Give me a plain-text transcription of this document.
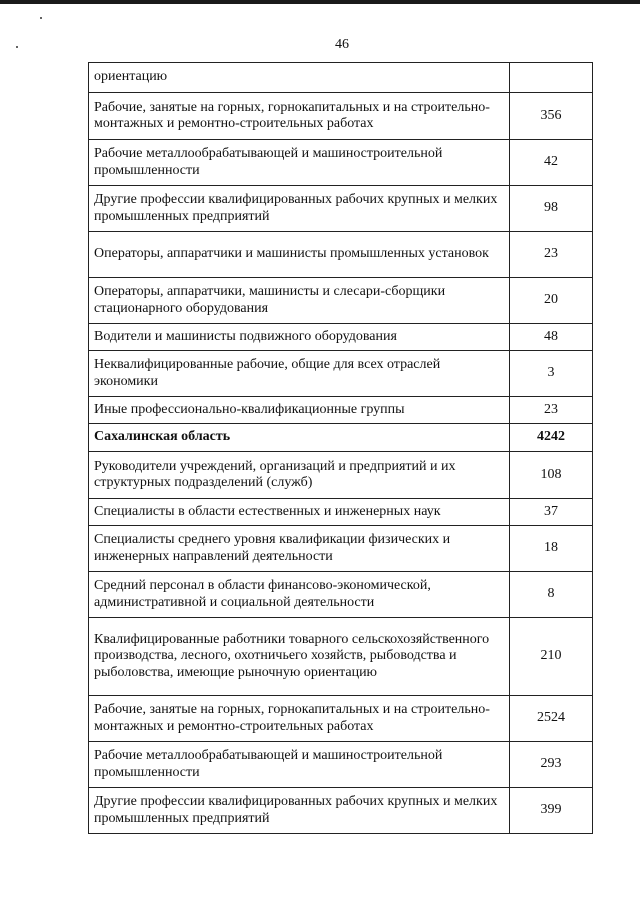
46
ориентацию	
Рабочие, занятые на горных, горнокапитальных и на строительно-монтажных и ремонтно-строительных работах	356
Рабочие металлообрабатывающей и машиностроительной промышленности	42
Другие профессии квалифицированных рабочих крупных и мелких промышленных предприятий	98
Операторы, аппаратчики и машинисты промышленных установок	23
Операторы, аппаратчики, машинисты и слесари-сборщики стационарного оборудования	20
Водители и машинисты подвижного оборудования	48
Неквалифицированные рабочие, общие для всех отраслей экономики	3
Иные профессионально-квалификационные группы	23
Сахалинская область	4242
Руководители учреждений, организаций и предприятий и их структурных подразделений (служб)	108
Специалисты в области естественных и инженерных наук	37
Специалисты среднего уровня квалификации физических и инженерных направлений деятельности	18
Средний персонал в области финансово-экономической, административной и социальной деятельности	8
Квалифицированные работники товарного сельскохозяйственного производства, лесного, охотничьего хозяйств, рыбоводства и рыболовства, имеющие рыночную ориентацию	210
Рабочие, занятые на горных, горнокапитальных и на строительно-монтажных и ремонтно-строительных работах	2524
Рабочие металлообрабатывающей и машиностроительной промышленности	293
Другие профессии квалифицированных рабочих крупных и мелких промышленных предприятий	399
